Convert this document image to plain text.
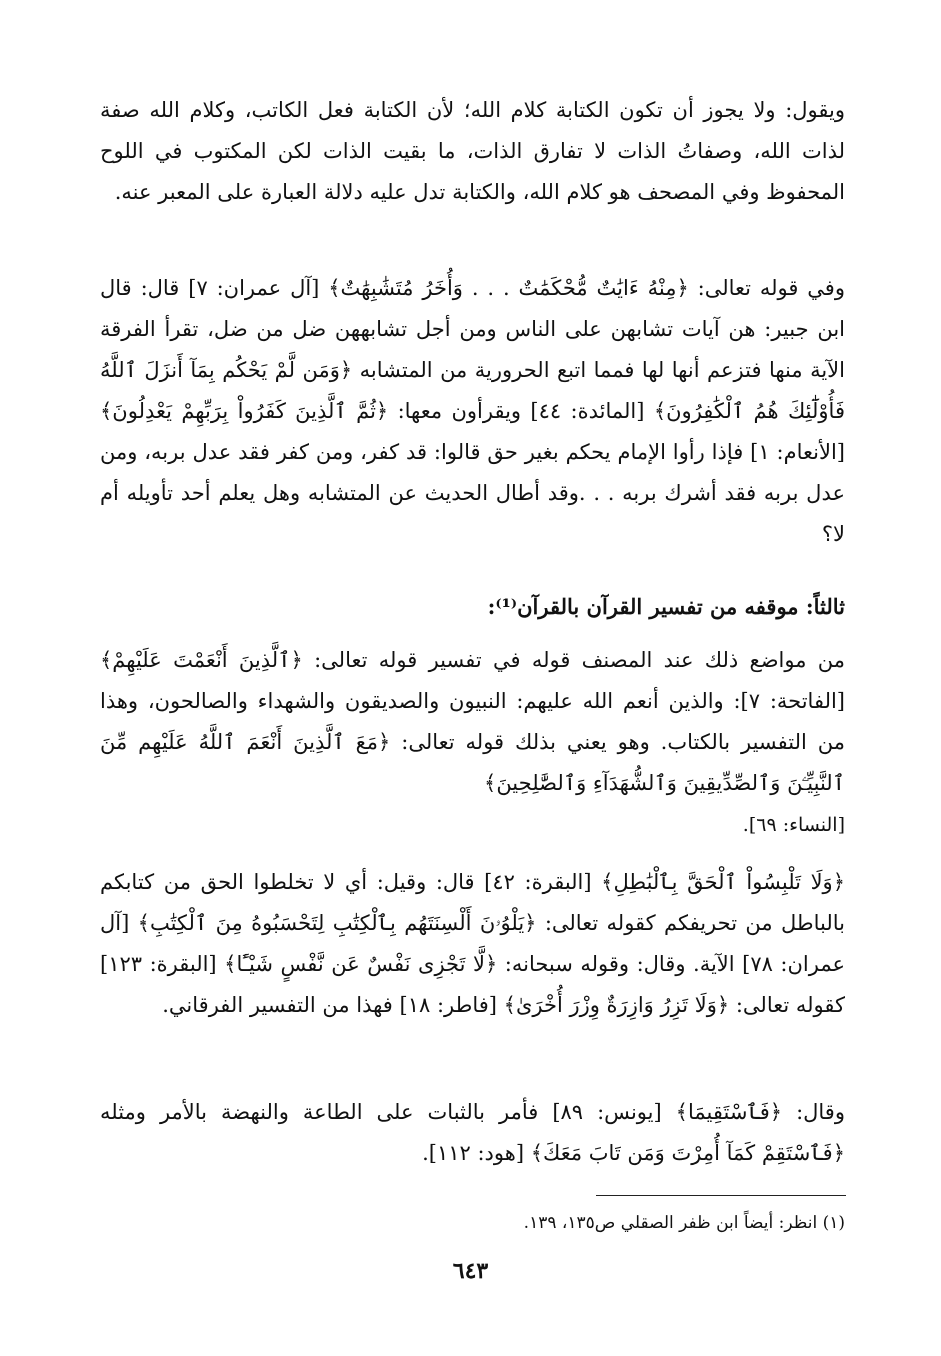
ويقول: ولا يجوز أن تكون الكتابة كلام الله؛ لأن الكتابة فعل الكاتب، وكلام الله صفة لذات الله، وصفاتُ الذات لا تفارق الذات، ما بقيت الذات لكن المكتوب في اللوح المحفوظ وفي المصحف هو كلام الله، والكتابة تدل عليه دلالة العبارة على المعبر عنه.
وفي قوله تعالى: ﴿مِنْهُ ءَايَٰتٌ مُّحْكَمَٰتٌ . . . وَأُخَرُ مُتَشَٰبِهَٰتٌ﴾ [آل عمران: ٧] قال: قال ابن جبير: هن آيات تشابهن على الناس ومن أجل تشابههن ضل من ضل، تقرأ الفرقة الآية منها فتزعم أنها لها فمما اتبع الحرورية من المتشابه ﴿وَمَن لَّمْ يَحْكُم بِمَآ أَنزَلَ ٱللَّهُ فَأُوْلَٰٓئِكَ هُمُ ٱلْكَٰفِرُونَ﴾ [المائدة: ٤٤] ويقرأون معها: ﴿ثُمَّ ٱلَّذِينَ كَفَرُواْ بِرَبِّهِمْ يَعْدِلُونَ﴾ [الأنعام: ١] فإذا رأوا الإمام يحكم بغير حق قالوا: قد كفر، ومن كفر فقد عدل بربه، ومن عدل بربه فقد أشرك بربه . . .وقد أطال الحديث عن المتشابه وهل يعلم أحد تأويله أم لا؟
ثالثاً: موقفه من تفسير القرآن بالقرآن⁽¹⁾:
من مواضع ذلك عند المصنف قوله في تفسير قوله تعالى: ﴿ٱلَّذِينَ أَنْعَمْتَ عَلَيْهِمْ﴾ [الفاتحة: ٧]: والذين أنعم الله عليهم: النبيون والصديقون والشهداء والصالحون، وهذا من التفسير بالكتاب. وهو يعني بذلك قوله تعالى: ﴿مَعَ ٱلَّذِينَ أَنْعَمَ ٱللَّهُ عَلَيْهِم مِّنَ ٱلنَّبِيِّـۧنَ وَٱلصِّدِّيقِينَ وَٱلشُّهَدَآءِ وَٱلصَّٰلِحِينَ﴾
[النساء: ٦٩].
﴿وَلَا تَلْبِسُواْ ٱلْحَقَّ بِٱلْبَٰطِلِ﴾ [البقرة: ٤٢] قال: وقيل: أي لا تخلطوا الحق من كتابكم بالباطل من تحريفكم كقوله تعالى: ﴿يَلْوُۥنَ أَلْسِنَتَهُم بِٱلْكِتَٰبِ لِتَحْسَبُوهُ مِنَ ٱلْكِتَٰبِ﴾ [آل عمران: ٧٨] الآية. وقال: وقوله سبحانه: ﴿لَّا تَجْزِى نَفْسٌ عَن نَّفْسٍ شَيْـًٔا﴾ [البقرة: ١٢٣] كقوله تعالى: ﴿وَلَا تَزِرُ وَازِرَةٌ وِزْرَ أُخْرَىٰ﴾ [فاطر: ١٨] فهذا من التفسير الفرقاني.
وقال: ﴿فَٱسْتَقِيمَا﴾ [يونس: ٨٩] فأمر بالثبات على الطاعة والنهضة بالأمر ومثله ﴿فَٱسْتَقِمْ كَمَآ أُمِرْتَ وَمَن تَابَ مَعَكَ﴾ [هود: ١١٢].
(١) انظر: أيضاً ابن ظفر الصقلي ص١٣٥، ١٣٩.
٦٤٣
